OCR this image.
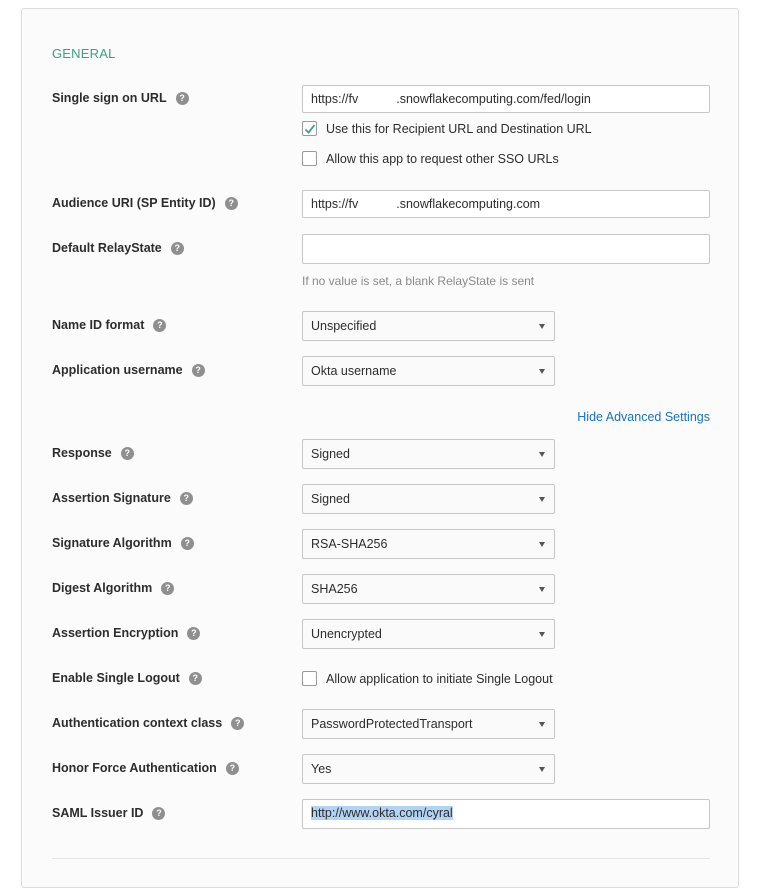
GENERAL
Single sign on URL	?	https://fv	.snowflakecomputing.com/fed/login
Use this for Recipient URL and Destination URL
Allow this app to request other SSO URLs
Audience URI (SP Entity ID)	?	https://fv	.snowflakecomputing.com
Default RelayState	?
If no value is set, a blank RelayState is sent
Name ID format	?	Unspecified
Application username	?	Okta username
Hide Advanced Settings
Response	?	Signed
Assertion Signature	?	Signed
Signature Algorithm	?	RSA-SHA256
Digest Algorithm	?	SHA256
Assertion Encryption	?	Unencrypted
Enable Single Logout	?	Allow application to initiate Single Logout
Authentication context class	?	PasswordProtectedTransport
Honor Force Authentication	?	Yes
SAML Issuer ID	?	http://www.okta.com/cyral
